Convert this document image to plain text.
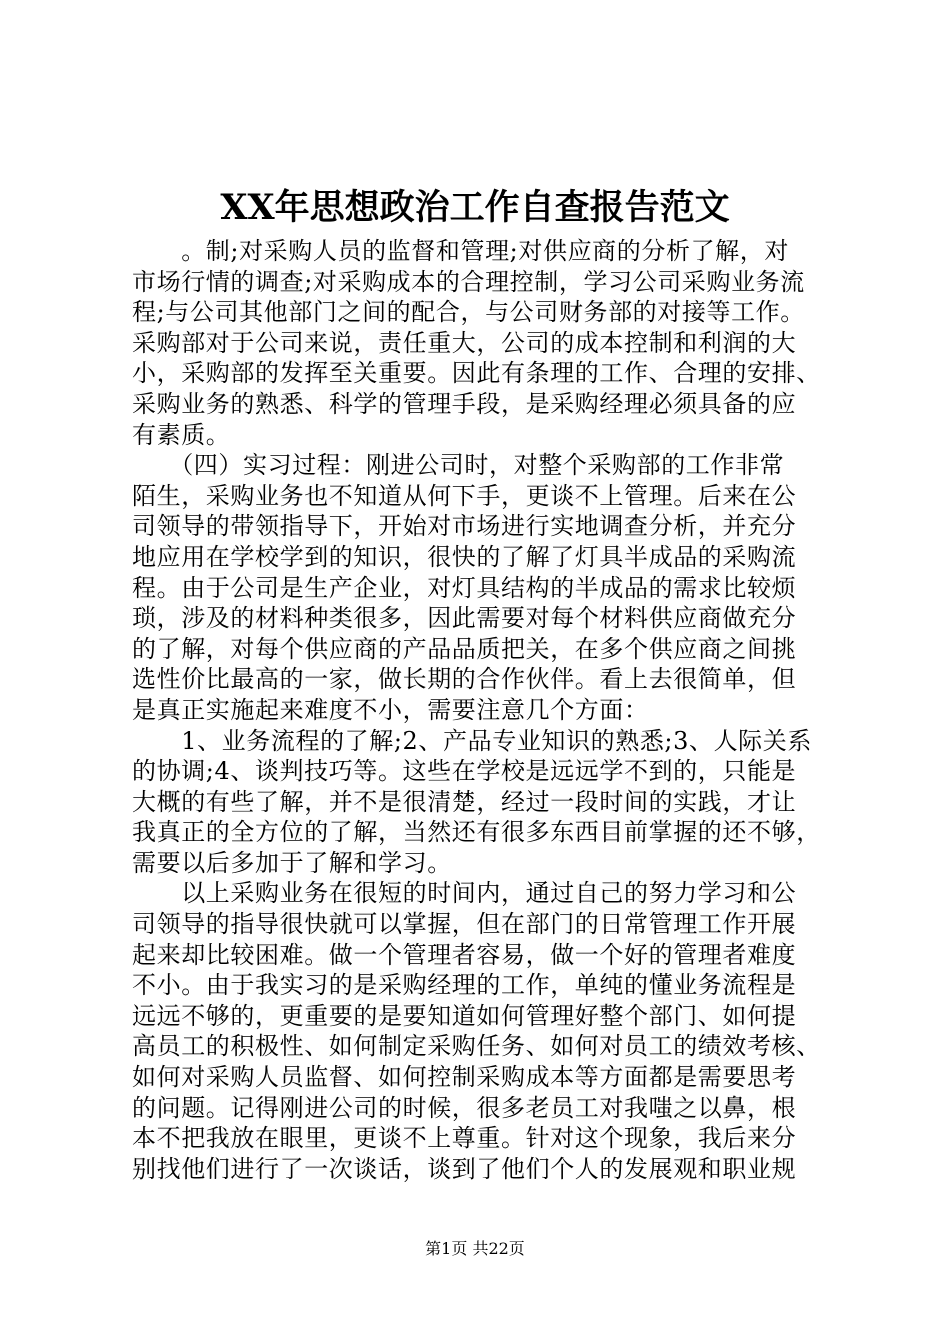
XX年思想政治工作自查报告范文
　　。制;对采购人员的监督和管理;对供应商的分析了解，对
市场行情的调查;对采购成本的合理控制，学习公司采购业务流
程;与公司其他部门之间的配合，与公司财务部的对接等工作。
采购部对于公司来说，责任重大，公司的成本控制和利润的大
小，采购部的发挥至关重要。因此有条理的工作、合理的安排、
采购业务的熟悉、科学的管理手段，是采购经理必须具备的应
有素质。
　　（四）实习过程：刚进公司时，对整个采购部的工作非常
陌生，采购业务也不知道从何下手，更谈不上管理。后来在公
司领导的带领指导下，开始对市场进行实地调查分析，并充分
地应用在学校学到的知识，很快的了解了灯具半成品的采购流
程。由于公司是生产企业，对灯具结构的半成品的需求比较烦
琐，涉及的材料种类很多，因此需要对每个材料供应商做充分
的了解，对每个供应商的产品品质把关，在多个供应商之间挑
选性价比最高的一家，做长期的合作伙伴。看上去很简单，但
是真正实施起来难度不小，需要注意几个方面：
　　1、业务流程的了解;2、产品专业知识的熟悉;3、人际关系
的协调;4、谈判技巧等。这些在学校是远远学不到的，只能是
大概的有些了解，并不是很清楚，经过一段时间的实践，才让
我真正的全方位的了解，当然还有很多东西目前掌握的还不够，
需要以后多加于了解和学习。
　　以上采购业务在很短的时间内，通过自己的努力学习和公
司领导的指导很快就可以掌握，但在部门的日常管理工作开展
起来却比较困难。做一个管理者容易，做一个好的管理者难度
不小。由于我实习的是采购经理的工作，单纯的懂业务流程是
远远不够的，更重要的是要知道如何管理好整个部门、如何提
高员工的积极性、如何制定采购任务、如何对员工的绩效考核、
如何对采购人员监督、如何控制采购成本等方面都是需要思考
的问题。记得刚进公司的时候，很多老员工对我嗤之以鼻，根
本不把我放在眼里，更谈不上尊重。针对这个现象，我后来分
别找他们进行了一次谈话，谈到了他们个人的发展观和职业规
第1页 共22页
